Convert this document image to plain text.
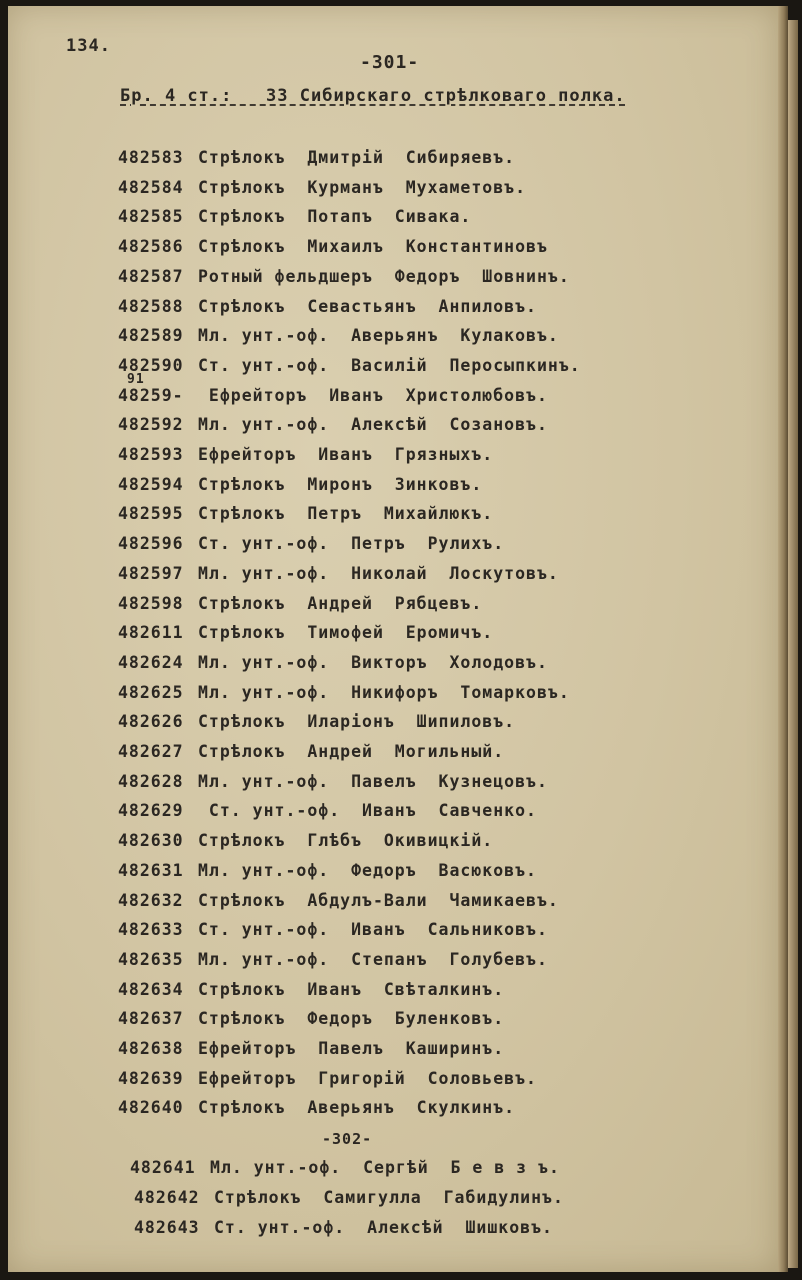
134.
-301-
Бр. 4 ст.:   33 Сибирскаго стрѣлковаго полка.
91
482583 Стрѣлокъ  Дмитрій  Сибиряевъ.
482584 Стрѣлокъ  Курманъ  Мухаметовъ.
482585 Стрѣлокъ  Потапъ  Сивака.
482586 Стрѣлокъ  Михаилъ  Константиновъ
482587 Ротный фельдшеръ  Федоръ  Шовнинъ.
482588 Стрѣлокъ  Севастьянъ  Анпиловъ.
482589 Мл. унт.-оф.  Аверьянъ  Кулаковъ.
482590 Ст. унт.-оф.  Василій  Перосыпкинъ.
48259- Ефрейторъ  Иванъ  Христолюбовъ.
482592 Мл. унт.-оф.  Алексѣй  Созановъ.
482593 Ефрейторъ  Иванъ  Грязныхъ.
482594 Стрѣлокъ  Миронъ  Зинковъ.
482595 Стрѣлокъ  Петръ  Михайлюкъ.
482596 Ст. унт.-оф.  Петръ  Рулихъ.
482597 Мл. унт.-оф.  Николай  Лоскутовъ.
482598 Стрѣлокъ  Андрей  Рябцевъ.
482611 Стрѣлокъ  Тимофей  Еромичъ.
482624 Мл. унт.-оф.  Викторъ  Холодовъ.
482625 Мл. унт.-оф.  Никифоръ  Томарковъ.
482626 Стрѣлокъ  Иларіонъ  Шипиловъ.
482627 Стрѣлокъ  Андрей  Могильный.
482628 Мл. унт.-оф.  Павелъ  Кузнецовъ.
482629 Ст. унт.-оф.  Иванъ  Савченко.
482630 Стрѣлокъ  Глѣбъ  Окивицкій.
482631 Мл. унт.-оф.  Федоръ  Васюковъ.
482632 Стрѣлокъ  Абдулъ-Вали  Чамикаевъ.
482633 Ст. унт.-оф.  Иванъ  Сальниковъ.
482635 Мл. унт.-оф.  Степанъ  Голубевъ.
482634 Стрѣлокъ  Иванъ  Свѣталкинъ.
482637 Стрѣлокъ  Федоръ  Буленковъ.
482638 Ефрейторъ  Павелъ  Каширинъ.
482639 Ефрейторъ  Григорій  Соловьевъ.
482640 Стрѣлокъ  Аверьянъ  Скулкинъ.
482641 Мл. унт.-оф.  Сергѣй  Б е в з ъ.
482642 Стрѣлокъ  Самигулла  Габидулинъ.
482643 Ст. унт.-оф.  Алексѣй  Шишковъ.
-302-
